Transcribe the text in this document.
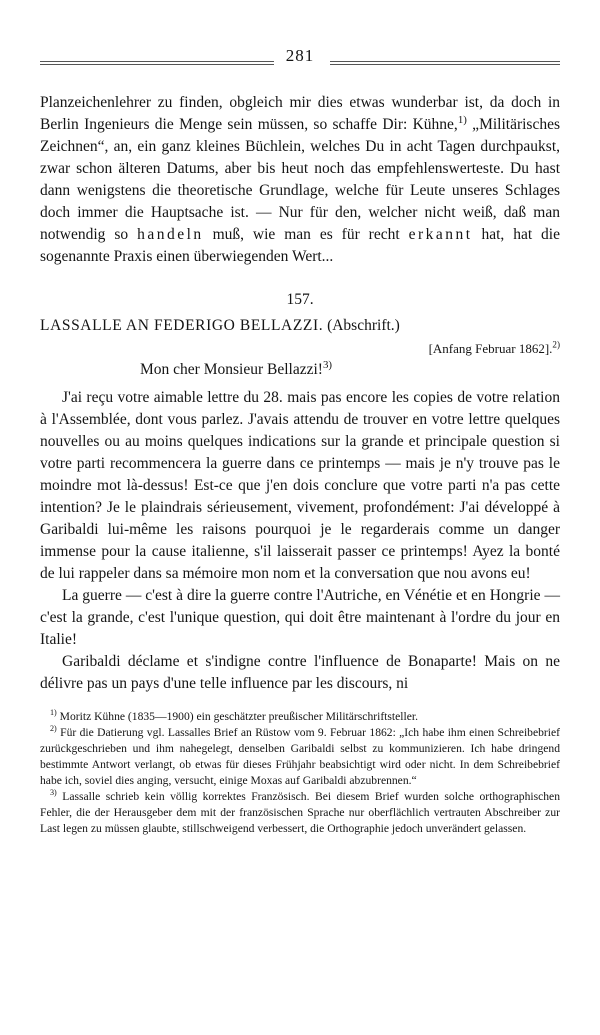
281

Planzeichenlehrer zu finden, obgleich mir dies etwas wunderbar ist, da doch in Berlin Ingenieurs die Menge sein müssen, so schaffe Dir: Kühne,$^{1)}$ „Militärisches Zeichnen“, an, ein ganz kleines Büchlein, welches Du in acht Tagen durchpaukst, zwar schon älteren Datums, aber bis heut noch das empfehlenswerteste. Du hast dann wenigstens die theoretische Grundlage, welche für Leute unseres Schlages doch immer die Hauptsache ist. — Nur für den, welcher nicht weiß, daß man notwendig so handeln muß, wie man es für recht erkannt hat, hat die sogenannte Praxis einen überwiegenden Wert...

157.
LASSALLE AN FEDERIGO BELLAZZI. (Abschrift.)
[Anfang Februar 1862].$^{2)}$
Mon cher Monsieur Bellazzi!$^{3)}$

J'ai reçu votre aimable lettre du 28. mais pas encore les copies de votre relation à l'Assemblée, dont vous parlez. J'avais attendu de trouver en votre lettre quelques nouvelles ou au moins quelques indications sur la grande et principale question si votre parti recommencera la guerre dans ce printemps — mais je n'y trouve pas le moindre mot là-dessus! Est-ce que j'en dois conclure que votre parti n'a pas cette intention? Je le plaindrais sérieusement, vivement, profondément: J'ai développé à Garibaldi lui-même les raisons pourquoi je le regarderais comme un danger immense pour la cause italienne, s'il laisserait passer ce printemps! Ayez la bonté de lui rappeler dans sa mémoire mon nom et la conversation que nou avons eu!

La guerre — c'est à dire la guerre contre l'Autriche, en Vénétie et en Hongrie — c'est la grande, c'est l'unique question, qui doit être maintenant à l'ordre du jour en Italie!

Garibaldi déclame et s'indigne contre l'influence de Bonaparte! Mais on ne délivre pas un pays d'une telle influence par les discours, ni

$^{1)}$ Moritz Kühne (1835—1900) ein geschätzter preußischer Militärschriftsteller.

$^{2)}$ Für die Datierung vgl. Lassalles Brief an Rüstow vom 9. Februar 1862: „Ich habe ihm einen Schreibebrief zurückgeschrieben und ihm nahegelegt, denselben Garibaldi selbst zu kommunizieren. Ich habe dringend bestimmte Antwort verlangt, ob etwas für dieses Frühjahr beabsichtigt wird oder nicht. In dem Schreibebrief habe ich, soviel dies anging, versucht, einige Moxas auf Garibaldi abzubrennen.“

$^{3)}$ Lassalle schrieb kein völlig korrektes Französisch. Bei diesem Brief wurden solche orthographischen Fehler, die der Herausgeber dem mit der französischen Sprache nur oberflächlich vertrauten Abschreiber zur Last legen zu müssen glaubte, stillschweigend verbessert, die Orthographie jedoch unverändert gelassen.
